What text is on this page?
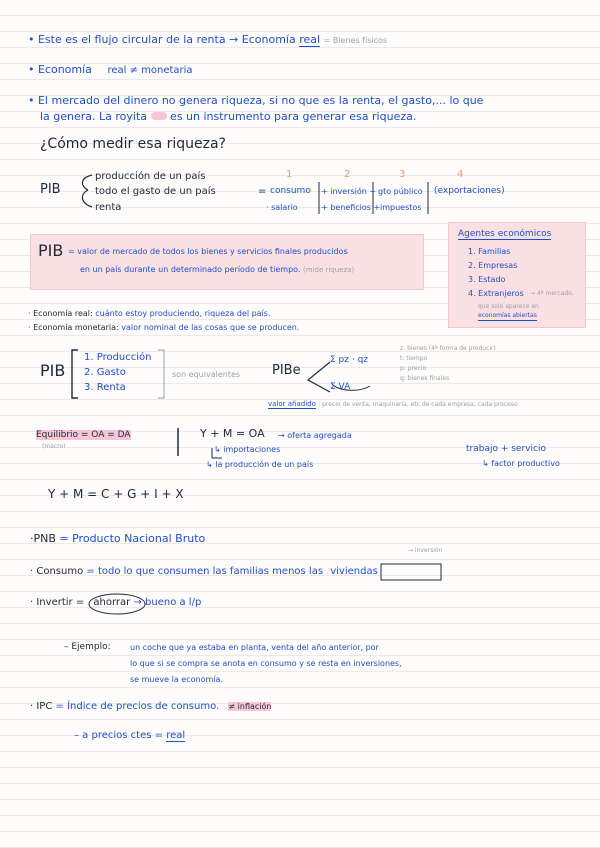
• Este es el flujo circular de la renta → Economía real = Bienes físicos
• Economía real ≠ monetaria
• El mercado del dinero no genera riqueza, si no que es la renta, el gasto,... lo que
la genera. La royita es un instrumento para generar esa riqueza.
¿Cómo medir esa riqueza?
PIB
producción de un país
todo el gasto de un país
renta
=
1	2	3	4
consumo + inversión + gto público (exportaciones)
· salario	+ beneficios + impuestos
Agentes económicos
1. Familias
2. Empresas
3. Estado
4. Extranjeros → 4ª mercado,
que solo aparece en
economías abiertas
PIB = valor de mercado de todos los bienes y servicios finales producidos
en un país durante un determinado período de tiempo. (mide riqueza)
· Economía real: cuánto estoy produciendo, riqueza del país.
· Economía monetaria: valor nominal de las cosas que se producen.
PIB
1. Producción
2. Gasto
3. Renta
son equivalentes PIBe
Σ pz · qz
Σ VA
z: bienes (4ª forma de producir)
t: tiempo
p: precio
q: bienes finales
valor añadido : precio de venta, maquinaria, etc de cada empresa, cada proceso
Equilibrio = OA = DA
(macro)
Y + M = OA → oferta agregada
↳ importaciones
↳ la producción de un país
trabajo + servicio
↳ factor productivo
Y + M = C + G + I + X
·PNB = Producto Nacional Bruto
→ inversión
· Consumo = todo lo que consumen las familias menos las viviendas
· Invertir = ahorrar → bueno a l/p
– Ejemplo: un coche que ya estaba en planta, venta del año anterior, por
lo que si se compra se anota en consumo y se resta en inversiones,
se mueve la economía.
· IPC = Índice de precios de consumo. ≠ inflación
– a precios ctes = real
